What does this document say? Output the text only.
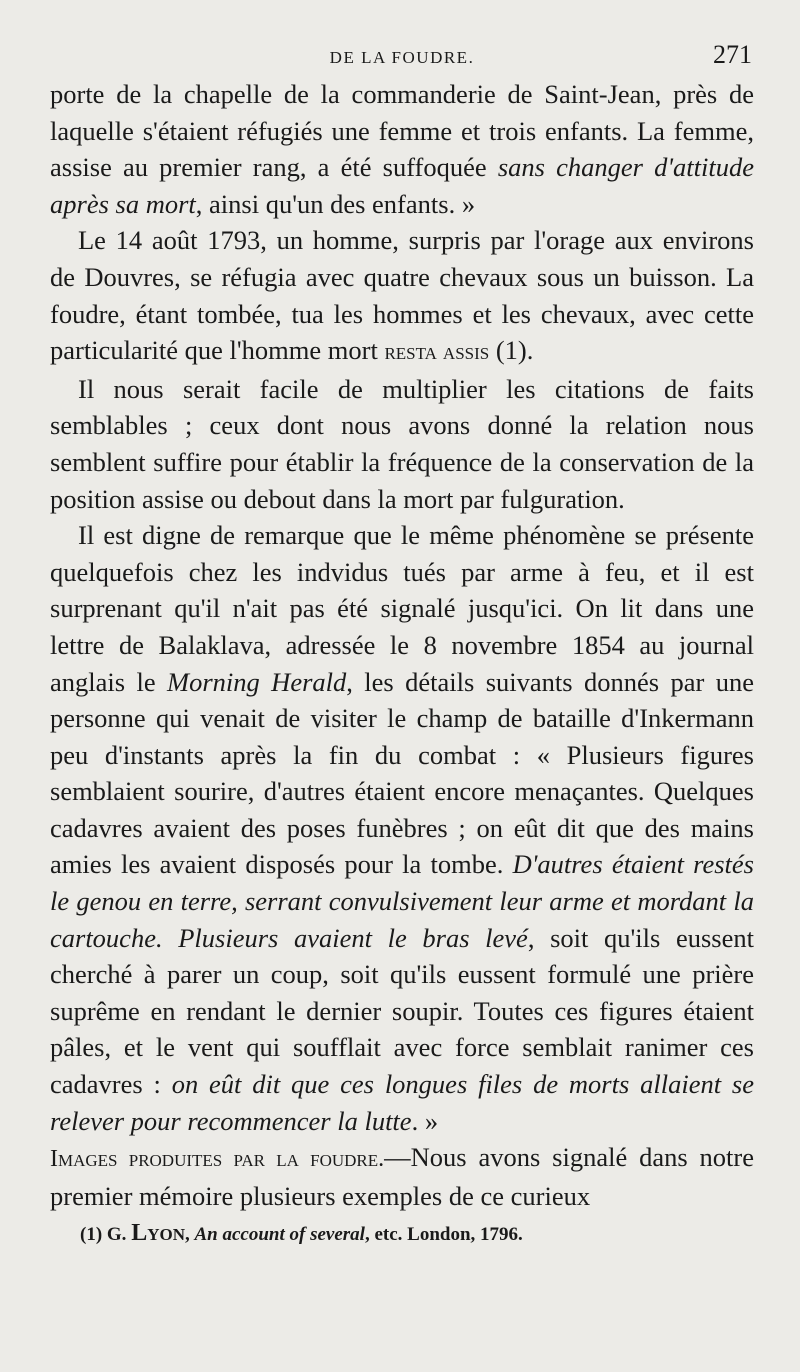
DE LA FOUDRE.	271

porte de la chapelle de la commanderie de Saint-Jean, près de laquelle s'étaient réfugiés une femme et trois enfants. La femme, assise au premier rang, a été suffoquée sans changer d'attitude après sa mort, ainsi qu'un des enfants. »

Le 14 août 1793, un homme, surpris par l'orage aux environs de Douvres, se réfugia avec quatre chevaux sous un buisson. La foudre, étant tombée, tua les hommes et les chevaux, avec cette particularité que l'homme mort resta assis (1).

Il nous serait facile de multiplier les citations de faits semblables ; ceux dont nous avons donné la relation nous semblent suffire pour établir la fréquence de la conservation de la position assise ou debout dans la mort par fulguration.

Il est digne de remarque que le même phénomène se présente quelquefois chez les indvidus tués par arme à feu, et il est surprenant qu'il n'ait pas été signalé jusqu'ici. On lit dans une lettre de Balaklava, adressée le 8 novembre 1854 au journal anglais le Morning Herald, les détails suivants donnés par une personne qui venait de visiter le champ de bataille d'Inkermann peu d'instants après la fin du combat : « Plusieurs figures semblaient sourire, d'autres étaient encore menaçantes. Quelques cadavres avaient des poses funèbres ; on eût dit que des mains amies les avaient disposés pour la tombe. D'autres étaient restés le genou en terre, serrant convulsivement leur arme et mordant la cartouche. Plusieurs avaient le bras levé, soit qu'ils eussent cherché à parer un coup, soit qu'ils eussent formulé une prière suprême en rendant le dernier soupir. Toutes ces figures étaient pâles, et le vent qui soufflait avec force semblait ranimer ces cadavres : on eût dit que ces longues files de morts allaient se relever pour recommencer la lutte. »

Images produites par la foudre.—Nous avons signalé dans notre premier mémoire plusieurs exemples de ce curieux

(1) G. Lyon, An account of several, etc. London, 1796.
